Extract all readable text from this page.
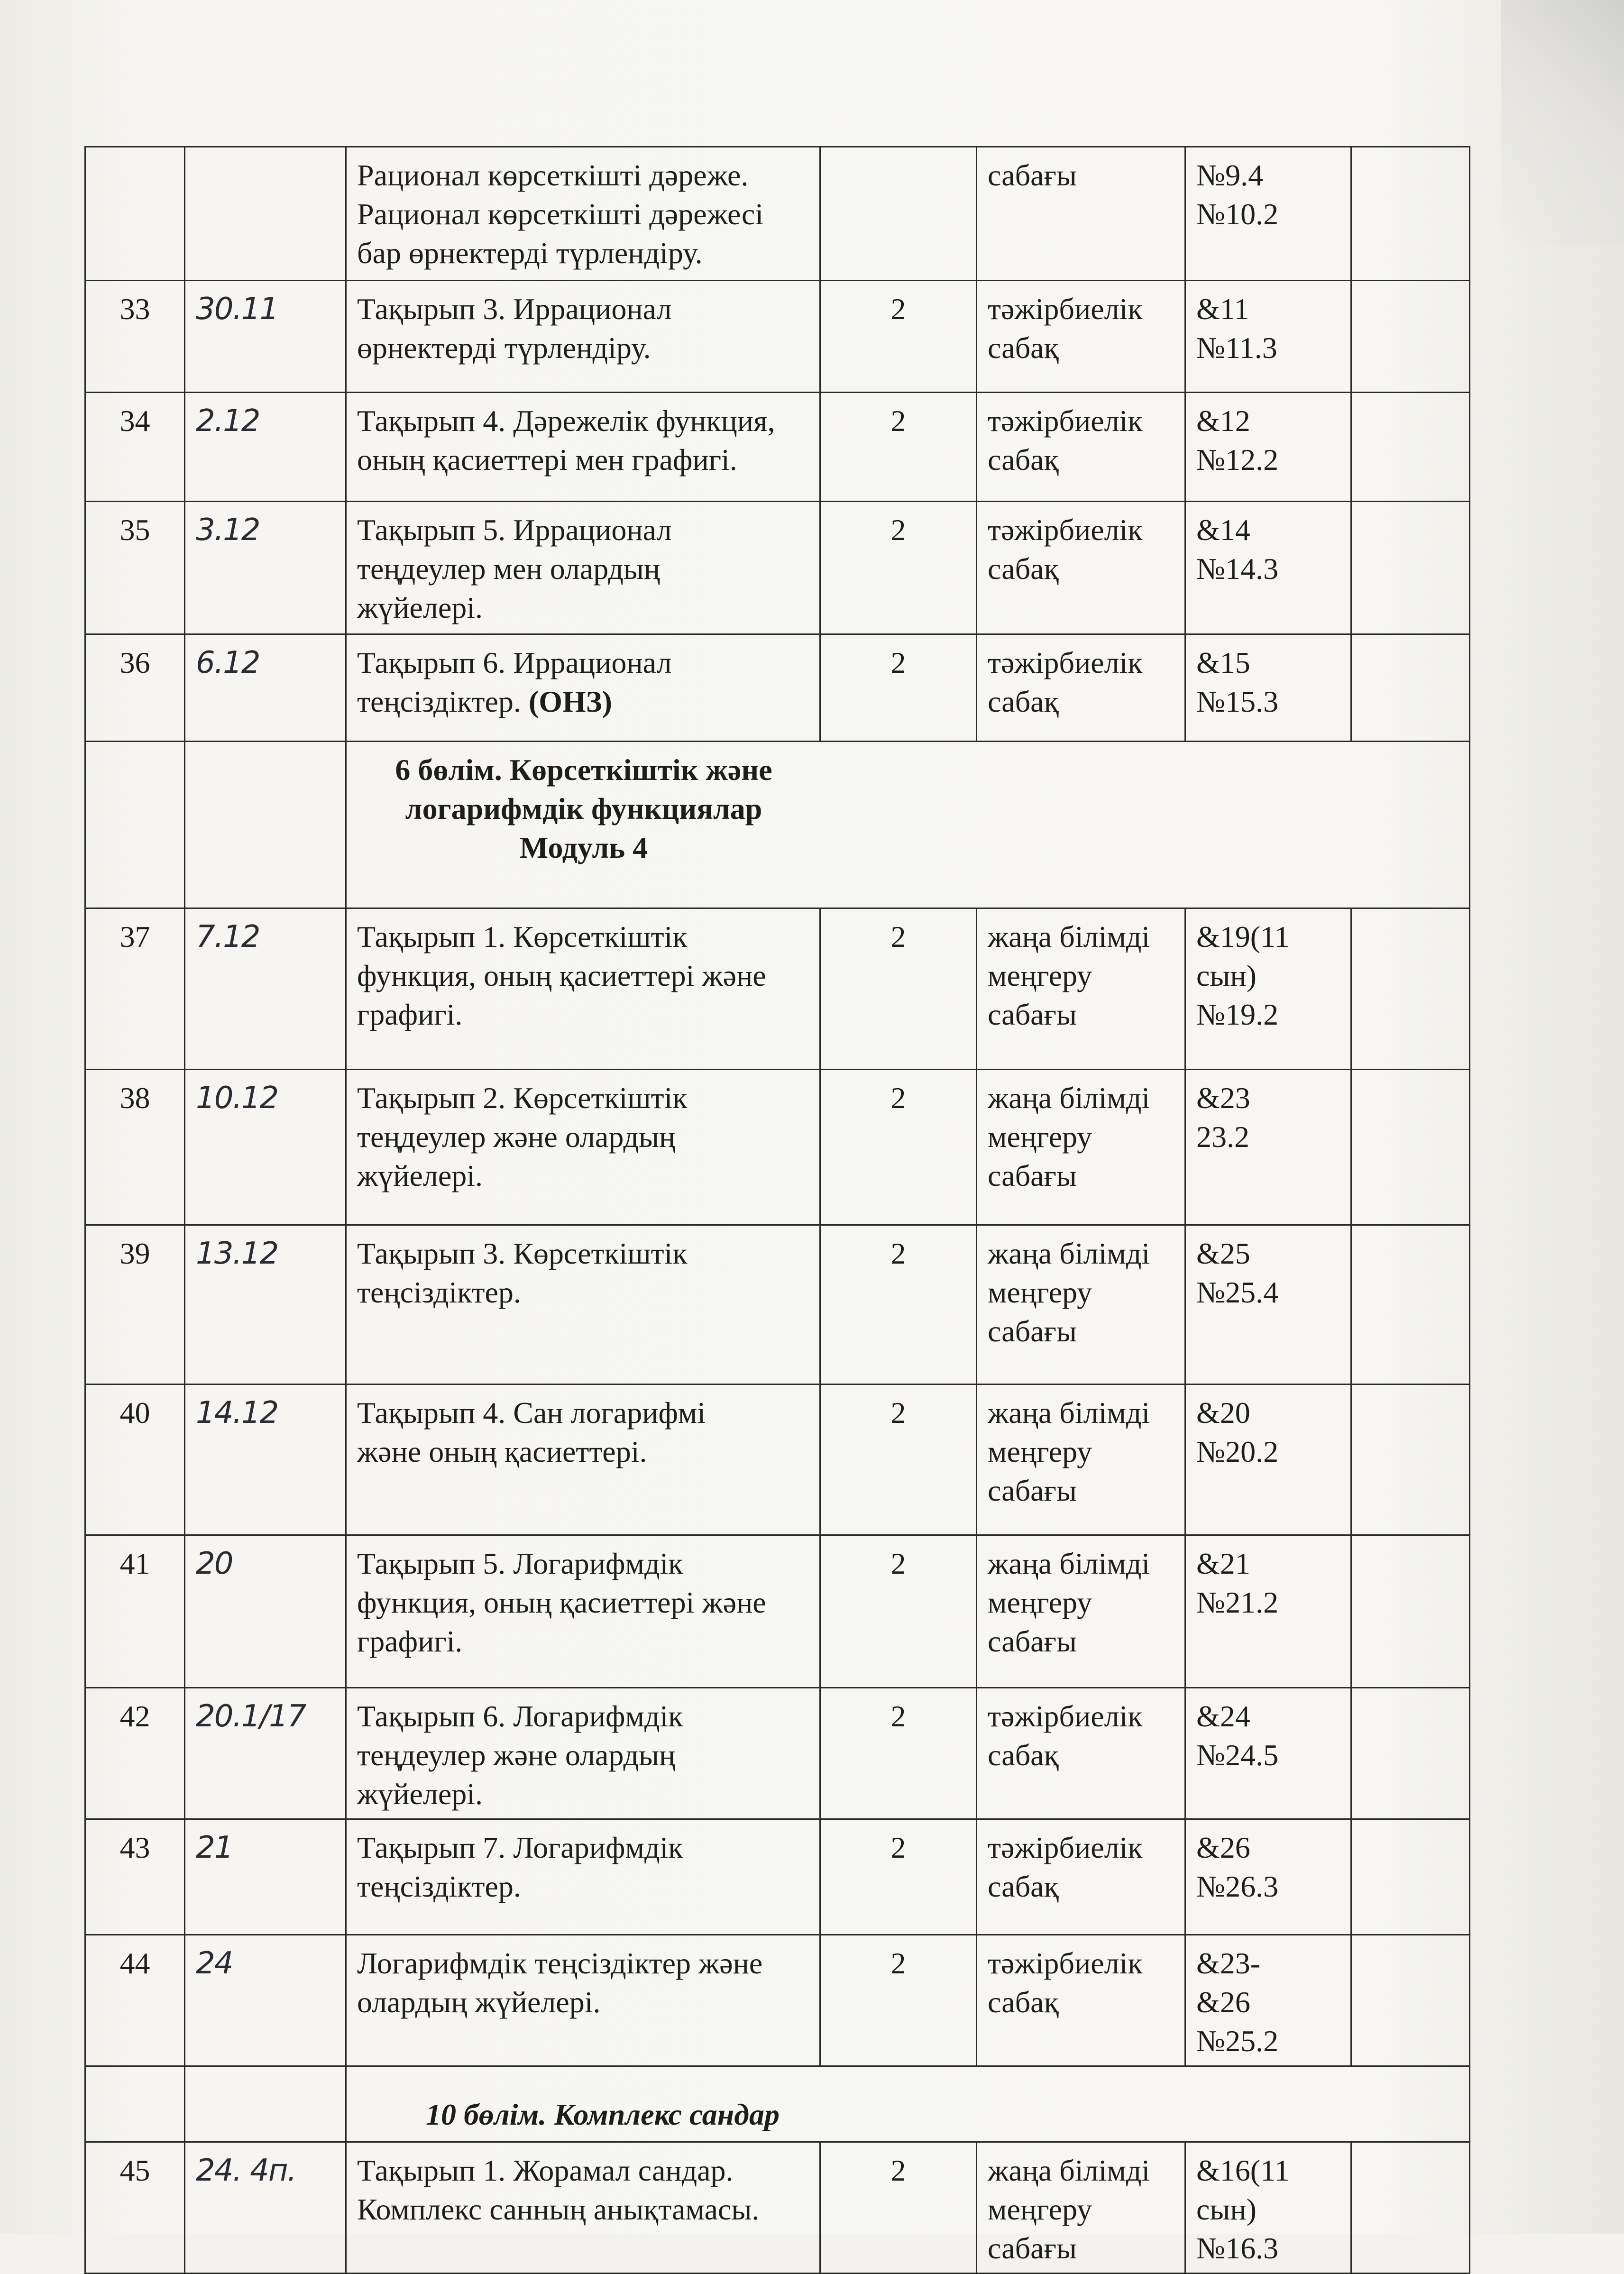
		Рационал көрсеткішті дәреже.
Рационал көрсеткішті дәрежесі
бар өрнектерді түрлендіру.		сабағы	№9.4
№10.2	
33	30.11	Тақырып 3. Иррационал
өрнектерді түрлендіру.	2	тәжірбиелік
сабақ	&11
№11.3	
34	2.12	Тақырып 4. Дәрежелік функция,
оның қасиеттері мен графигі.	2	тәжірбиелік
сабақ	&12
№12.2	
35	3.12	Тақырып 5. Иррационал
теңдеулер мен олардың
жүйелері.	2	тәжірбиелік
сабақ	&14
№14.3	
36	6.12	Тақырып 6. Иррационал
теңсіздіктер. (ОНЗ)	2	тәжірбиелік
сабақ	&15
№15.3	

		6 бөлім. Көрсеткіштік және
логарифмдік функциялар
Модуль 4				

37	7.12	Тақырып 1. Көрсеткіштік
функция, оның қасиеттері және
графигі.	2	жаңа білімді
меңгеру
сабағы	&19(11
сын)
№19.2	
38	10.12	Тақырып 2. Көрсеткіштік
теңдеулер және олардың
жүйелері.	2	жаңа білімді
меңгеру
сабағы	&23
23.2	
39	13.12	Тақырып 3. Көрсеткіштік
теңсіздіктер.	2	жаңа білімді
меңгеру
сабағы	&25
№25.4	
40	14.12	Тақырып 4. Сан логарифмі
және оның қасиеттері.	2	жаңа білімді
меңгеру
сабағы	&20
№20.2	
41	20	Тақырып 5. Логарифмдік
функция, оның қасиеттері және
графигі.	2	жаңа білімді
меңгеру
сабағы	&21
№21.2	
42	20.1/17	Тақырып 6. Логарифмдік
теңдеулер және олардың
жүйелері.	2	тәжірбиелік
сабақ	&24
№24.5	
43	21	Тақырып 7. Логарифмдік
теңсіздіктер.	2	тәжірбиелік
сабақ	&26
№26.3	
44	24	Логарифмдік теңсіздіктер және
олардың жүйелері.	2	тәжірбиелік
сабақ	&23-
&26
№25.2	

		10 бөлім. Комплекс сандар				

45	24. 4п.	Тақырып 1. Жорамал сандар.
Комплекс санның анықтамасы.	2	жаңа білімді
меңгеру
сабағы	&16(11
сын)
№16.3	
